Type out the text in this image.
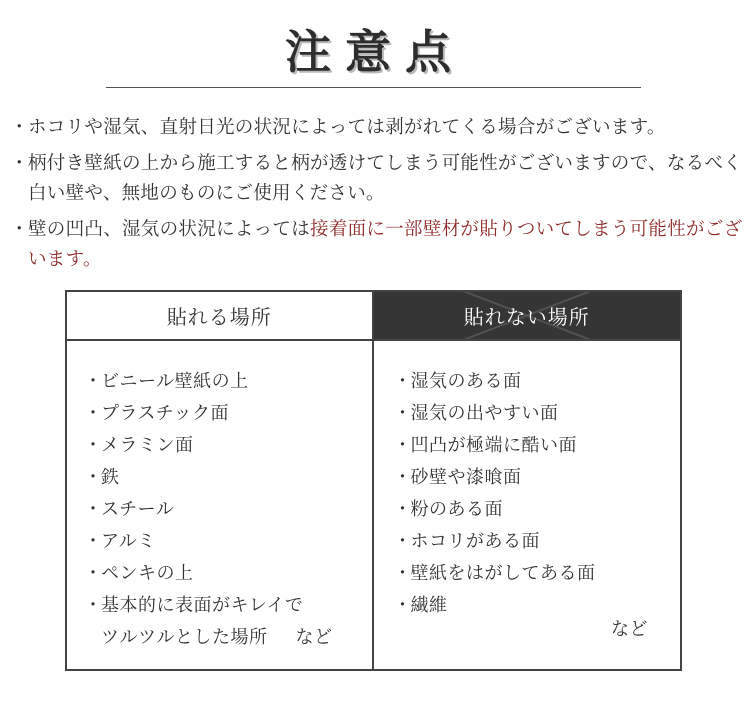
注意点
・ ホコリや湿気、直射日光の状況によっては剥がれてくる場合がございます。
・ 柄付き壁紙の上から施工すると柄が透けてしまう可能性がございますので、なるべく白い壁や、無地のものにご使用ください。
・ 壁の凹凸、湿気の状況によっては接着面に一部壁材が貼りついてしまう可能性がございます。
貼れる場所
・ビニール壁紙の上
・プラスチック面
・メラミン面
・鉄
・スチール
・アルミ
・ペンキの上
・基本的に表面がキレイで
ツルツルとした場所 など
貼れない場所
・湿気のある面
・湿気の出やすい面
・凹凸が極端に酷い面
・砂壁や漆喰面
・粉のある面
・ホコリがある面
・壁紙をはがしてある面
・繊維
など
